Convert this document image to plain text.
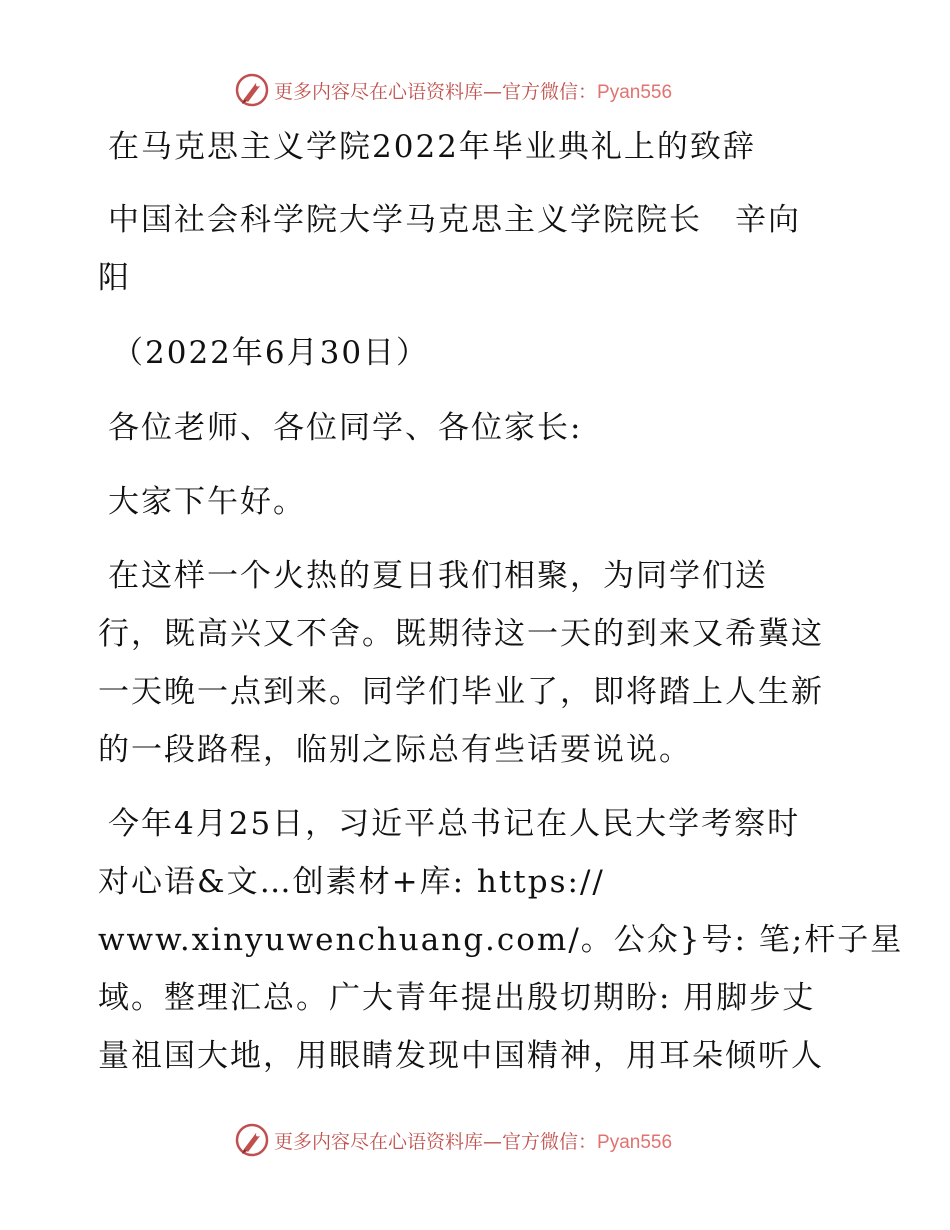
更多内容尽在心语资料库—官方微信：Pyan556
在马克思主义学院2022年毕业典礼上的致辞
中国社会科学院大学马克思主义学院院长　辛向
阳
（2022年6月30日）
各位老师、各位同学、各位家长:
大家下午好。
在这样一个火热的夏日我们相聚，为同学们送
行，既高兴又不舍。既期待这一天的到来又希冀这
一天晚一点到来。同学们毕业了，即将踏上人生新
的一段路程，临别之际总有些话要说说。
今年4月25日，习近平总书记在人民大学考察时
对心语&文…创素材+库: https://
www.xinyuwenchuang.com/。公众}号: 笔;杆子星
域。整理汇总。广大青年提出殷切期盼: 用脚步丈
量祖国大地，用眼睛发现中国精神，用耳朵倾听人
更多内容尽在心语资料库—官方微信：Pyan556
